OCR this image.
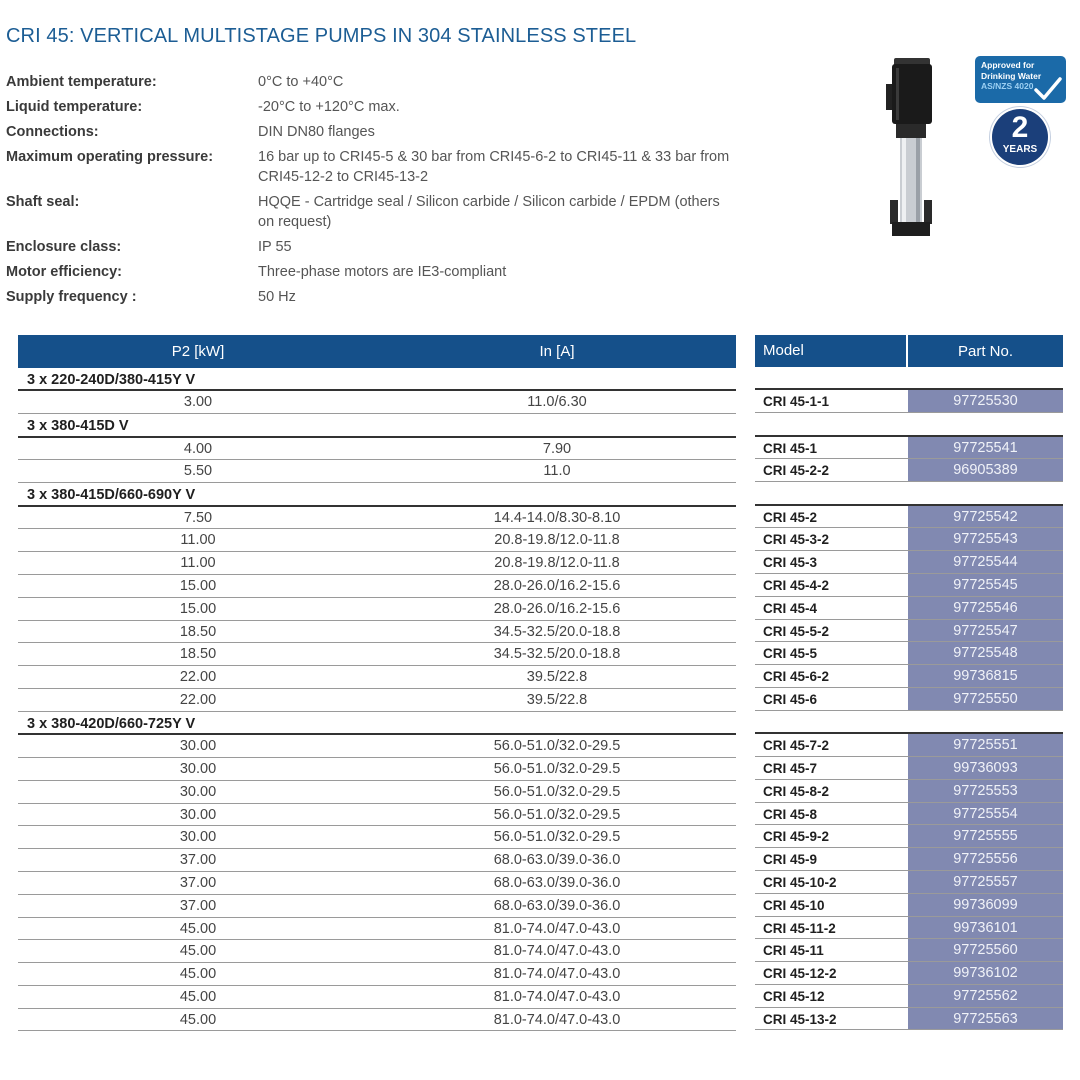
CRI 45: VERTICAL MULTISTAGE PUMPS IN 304 STAINLESS STEEL
Ambient temperature:	0°C to +40°C
Liquid temperature:	-20°C to +120°C max.
Connections:	DIN DN80 flanges
Maximum operating pressure:	16 bar up to CRI45-5 & 30 bar from CRI45-6-2 to CRI45-11 & 33 bar from CRI45-12-2 to CRI45-13-2
Shaft seal:	HQQE - Cartridge seal / Silicon carbide / Silicon carbide / EPDM (others on request)
Enclosure class:	IP 55
Motor efficiency:	Three-phase motors are IE3-compliant
Supply frequency :	50 Hz
Approved for
Drinking Water
AS/NZS 4020
2
YEARS
P2 [kW]	In [A]
3 x 220-240D/380-415Y V
3.00	11.0/6.30
3 x 380-415D V
4.00	7.90
5.50	11.0
3 x 380-415D/660-690Y V
7.50	14.4-14.0/8.30-8.10
11.00	20.8-19.8/12.0-11.8
11.00	20.8-19.8/12.0-11.8
15.00	28.0-26.0/16.2-15.6
15.00	28.0-26.0/16.2-15.6
18.50	34.5-32.5/20.0-18.8
18.50	34.5-32.5/20.0-18.8
22.00	39.5/22.8
22.00	39.5/22.8
3 x 380-420D/660-725Y V
30.00	56.0-51.0/32.0-29.5
30.00	56.0-51.0/32.0-29.5
30.00	56.0-51.0/32.0-29.5
30.00	56.0-51.0/32.0-29.5
30.00	56.0-51.0/32.0-29.5
37.00	68.0-63.0/39.0-36.0
37.00	68.0-63.0/39.0-36.0
37.00	68.0-63.0/39.0-36.0
45.00	81.0-74.0/47.0-43.0
45.00	81.0-74.0/47.0-43.0
45.00	81.0-74.0/47.0-43.0
45.00	81.0-74.0/47.0-43.0
45.00	81.0-74.0/47.0-43.0
Model	Part No.
CRI 45-1-1	97725530
CRI 45-1	97725541
CRI 45-2-2	96905389
CRI 45-2	97725542
CRI 45-3-2	97725543
CRI 45-3	97725544
CRI 45-4-2	97725545
CRI 45-4	97725546
CRI 45-5-2	97725547
CRI 45-5	97725548
CRI 45-6-2	99736815
CRI 45-6	97725550
CRI 45-7-2	97725551
CRI 45-7	99736093
CRI 45-8-2	97725553
CRI 45-8	97725554
CRI 45-9-2	97725555
CRI 45-9	97725556
CRI 45-10-2	97725557
CRI 45-10	99736099
CRI 45-11-2	99736101
CRI 45-11	97725560
CRI 45-12-2	99736102
CRI 45-12	97725562
CRI 45-13-2	97725563
